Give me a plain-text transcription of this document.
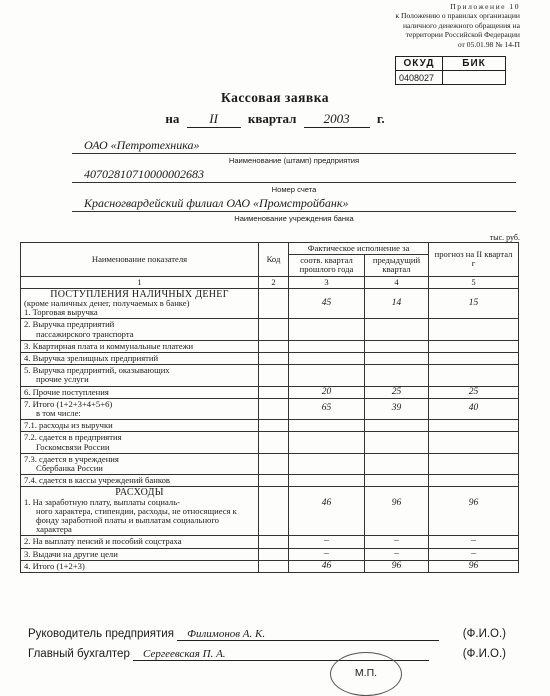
Приложение 10
к Положению о правилах организации
наличного денежного обращения на
территории Российской Федерации
от 05.01.98 № 14-П
ОКУД	БИК
0408027	
Кассовая заявка
на II квартал 2003 г.
ОАО «Петротехника»
Наименование (штамп) предприятия
40702810710000002683
Номер счета
Красногвардейский филиал ОАО «Промстройбанк»
Наименование учреждения банка
тыс. руб.
Наименование показателя	Код	Фактическое исполнение за		прогноз на II квартал г
		соотв. квартал прошлого года	предыдущий квартал	
1	2	3	4	5

ПОСТУПЛЕНИЯ НАЛИЧНЫХ ДЕНЕГ
(кроме наличных денег, получаемых в банке)
1. Торговая выручка		45	14	15

2. Выручка предприятий
пассажирского транспорта				

3. Квартирная плата и коммунальные платежи				
4. Выручка зрелищных предприятий				

5. Выручка предприятий, оказывающих
прочие услуги				

6. Прочие поступления		20	25	25

7. Итого (1+2+3+4+5+6)
в том числе:		65	39	40
7.1. расходы из выручки				

7.2. сдается в предприятия
Госкомсвязи России				

7.3. сдается в учреждения
Сбербанка России				

7.4. сдается в кассы учреждений банков				

РАСХОДЫ
1. На заработную плату, выплаты социаль-
ного характера, стипендии, расходы, не относящиеся к фонду заработной платы и выплатам социального характера		46	96	96
2. На выплату пенсий и пособий соцстраха		–	–	–
3. Выдачи на другие цели		–	–	–
4. Итого (1+2+3)		46	96	96
Руководитель предприятия Филимонов А. К.	(Ф.И.О.)
Главный бухгалтер Сергеевская П. А.	(Ф.И.О.)
М.П.
